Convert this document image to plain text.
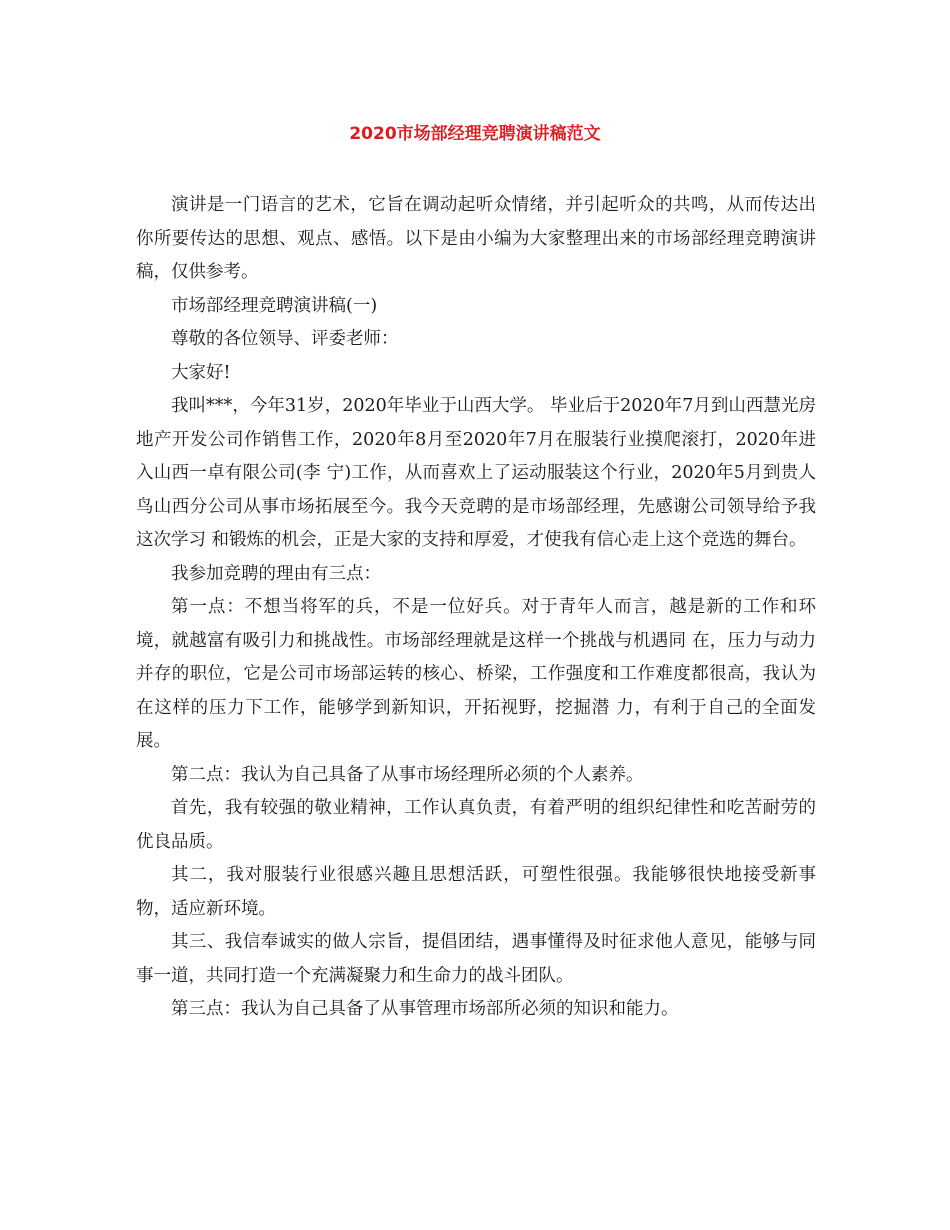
2020市场部经理竞聘演讲稿范文

演讲是一门语言的艺术，它旨在调动起听众情绪，并引起听众的共鸣，从而传达出你所要传达的思想、观点、感悟。以下是由小编为大家整理出来的市场部经理竞聘演讲稿，仅供参考。

市场部经理竞聘演讲稿(一)

尊敬的各位领导、评委老师：

大家好!

我叫***，今年31岁，2020年毕业于山西大学。 毕业后于2020年7月到山西慧光房地产开发公司作销售工作，2020年8月至2020年7月在服装行业摸爬滚打，2020年进入山西一卓有限公司(李 宁)工作，从而喜欢上了运动服装这个行业，2020年5月到贵人鸟山西分公司从事市场拓展至今。我今天竞聘的是市场部经理，先感谢公司领导给予我这次学习 和锻炼的机会，正是大家的支持和厚爱，才使我有信心走上这个竞选的舞台。

我参加竞聘的理由有三点：

第一点：不想当将军的兵，不是一位好兵。对于青年人而言，越是新的工作和环境，就越富有吸引力和挑战性。市场部经理就是这样一个挑战与机遇同 在，压力与动力并存的职位，它是公司市场部运转的核心、桥梁，工作强度和工作难度都很高，我认为在这样的压力下工作，能够学到新知识，开拓视野，挖掘潜 力，有利于自己的全面发展。

第二点：我认为自己具备了从事市场经理所必须的个人素养。

首先，我有较强的敬业精神，工作认真负责，有着严明的组织纪律性和吃苦耐劳的优良品质。

其二，我对服装行业很感兴趣且思想活跃，可塑性很强。我能够很快地接受新事物，适应新环境。

其三、我信奉诚实的做人宗旨，提倡团结，遇事懂得及时征求他人意见，能够与同事一道，共同打造一个充满凝聚力和生命力的战斗团队。

第三点：我认为自己具备了从事管理市场部所必须的知识和能力。
